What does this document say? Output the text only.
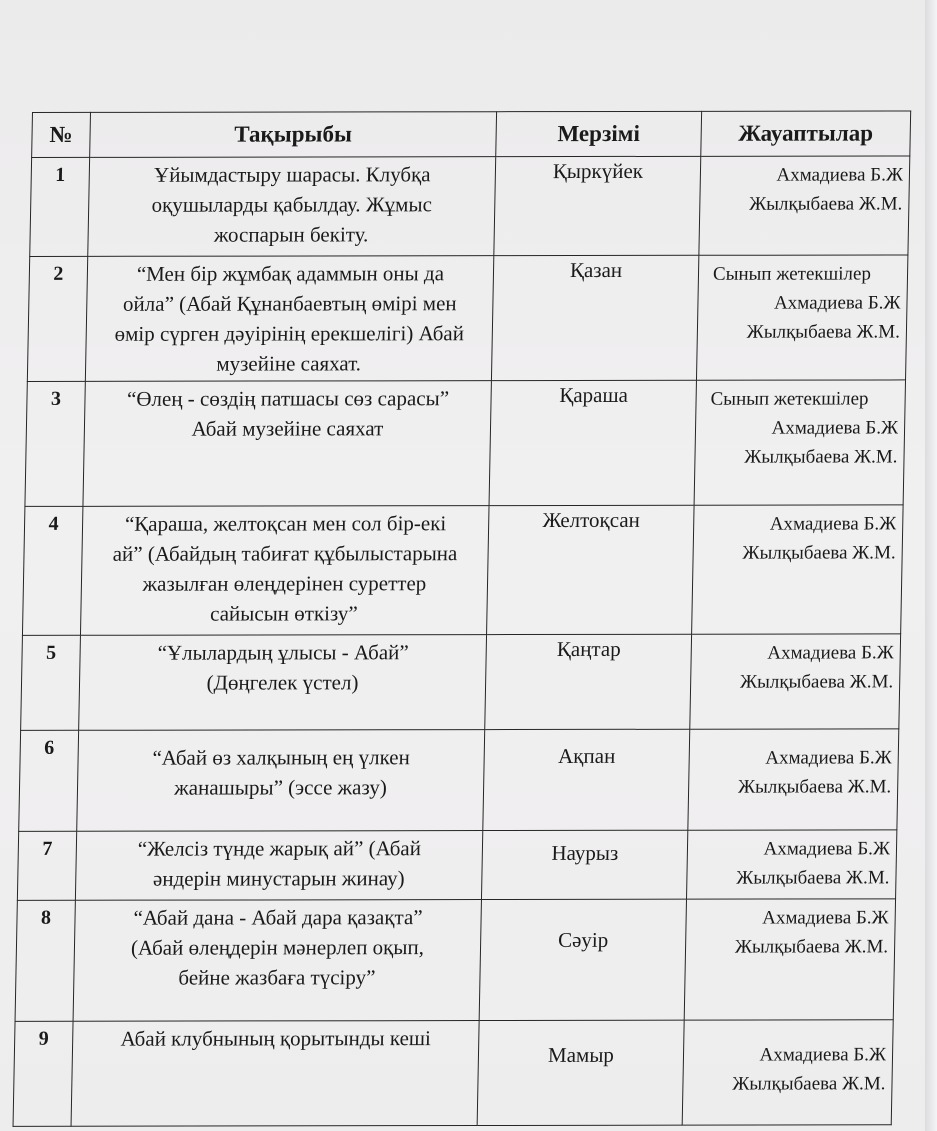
№	Тақырыбы	Мерзімі	Жауаптылар
1	Ұйымдастыру шарасы. Клубқа
оқушыларды қабылдау. Жұмыс
жоспарын бекіту.	Қыркүйек	Ахмадиева Б.Ж
Жылқыбаева Ж.М.

2	“Мен бір жұмбақ адаммын оны да
ойла” (Абай Құнанбаевтың өмірі мен
өмір сүрген дәуірінің ерекшелігі) Абай
музейіне саяхат.	Қазан	Сынып жетекшілер
Ахмадиева Б.Ж
Жылқыбаева Ж.М.

3	“Өлең - сөздің патшасы сөз сарасы”
Абай музейіне саяхат	Қараша	Сынып жетекшілер
Ахмадиева Б.Ж
Жылқыбаева Ж.М.

4	“Қараша, желтоқсан мен сол бір-екі
ай” (Абайдың табиғат құбылыстарына
жазылған өлеңдерінен суреттер
сайысын өткізу”	Желтоқсан	Ахмадиева Б.Ж
Жылқыбаева Ж.М.

5	“Ұлылардың ұлысы - Абай”
(Дөңгелек үстел)	Қаңтар	Ахмадиева Б.Ж
Жылқыбаева Ж.М.

6	“Абай өз халқының ең үлкен
жанашыры” (эссе жазу)	Ақпан	Ахмадиева Б.Ж
Жылқыбаева Ж.М.

7	“Желсіз түнде жарық ай” (Абай
әндерін минустарын жинау)	Наурыз	Ахмадиева Б.Ж
Жылқыбаева Ж.М.

8	“Абай дана - Абай дара қазақта”
(Абай өлеңдерін мәнерлеп оқып,
бейне жазбаға түсіру”	Сәуір	Ахмадиева Б.Ж
Жылқыбаева Ж.М.

9	Абай клубнының қорытынды кеші	Мамыр	Ахмадиева Б.Ж
Жылқыбаева Ж.М.
